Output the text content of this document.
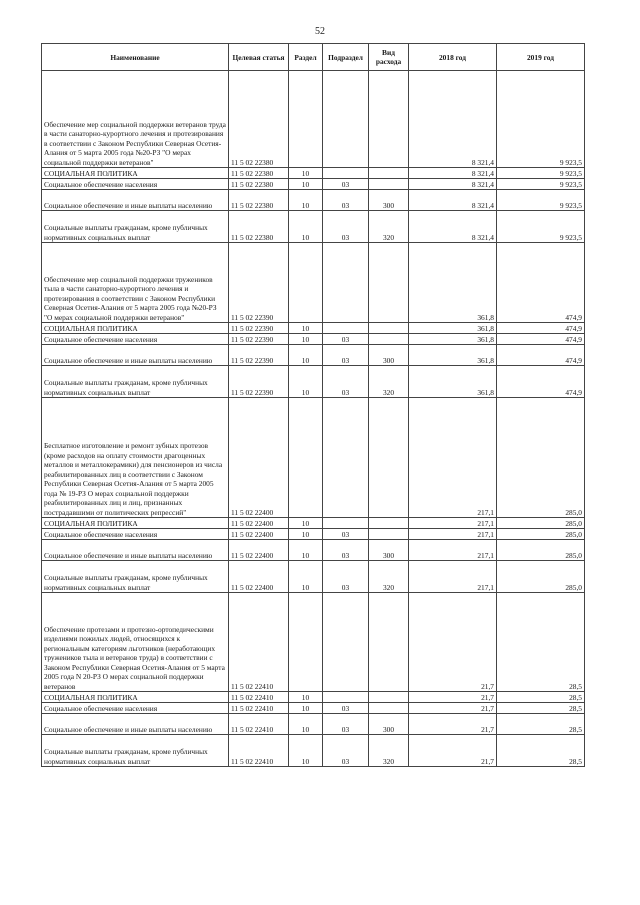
52
Наименование	Целевая статья	Раздел	Подраздел	Вид расхода	2018 год	2019 год
Обеспечение мер социальной поддержки ветеранов труда в части санаторно-курортного лечения и протезирования в соответствии с Законом Республики Северная Осетия-Алания от 5 марта 2005 года №20-РЗ "О мерах социальной поддержки ветеранов"	11 5 02 22380				8 321,4	9 923,5
СОЦИАЛЬНАЯ ПОЛИТИКА	11 5 02 22380	10			8 321,4	9 923,5
Социальное обеспечение населения	11 5 02 22380	10	03		8 321,4	9 923,5
Социальное обеспечение и иные выплаты населению	11 5 02 22380	10	03	300	8 321,4	9 923,5
Социальные выплаты гражданам, кроме публичных нормативных социальных выплат	11 5 02 22380	10	03	320	8 321,4	9 923,5
Обеспечение мер социальной поддержки тружеников тыла в части санаторно-курортного лечения и протезирования в соответствии с Законом Республики Северная Осетия-Алания от 5 марта 2005 года №20-РЗ "О мерах социальной поддержки ветеранов"	11 5 02 22390				361,8	474,9
СОЦИАЛЬНАЯ ПОЛИТИКА	11 5 02 22390	10			361,8	474,9
Социальное обеспечение населения	11 5 02 22390	10	03		361,8	474,9
Социальное обеспечение и иные выплаты населению	11 5 02 22390	10	03	300	361,8	474,9
Социальные выплаты гражданам, кроме публичных нормативных социальных выплат	11 5 02 22390	10	03	320	361,8	474,9
Бесплатное изготовление и ремонт зубных протезов (кроме расходов на оплату стоимости драгоценных металлов и металлокерамики) для пенсионеров из числа реабилитированных лиц в соответствии с Законом Республики Северная Осетия-Алания от 5 марта 2005 года № 19-РЗ О мерах социальной поддержки реабилитированных лиц и лиц, признанных пострадавшими от политических репрессий"	11 5 02 22400				217,1	285,0
СОЦИАЛЬНАЯ ПОЛИТИКА	11 5 02 22400	10			217,1	285,0
Социальное обеспечение населения	11 5 02 22400	10	03		217,1	285,0
Социальное обеспечение и иные выплаты населению	11 5 02 22400	10	03	300	217,1	285,0
Социальные выплаты гражданам, кроме публичных нормативных социальных выплат	11 5 02 22400	10	03	320	217,1	285,0
Обеспечение протезами и протезно-ортопедическими изделиями пожилых людей, относящихся к региональным категориям льготников (неработающих тружеников тыла и ветеранов труда) в соответствии с Законом Республики Северная Осетия-Алания от 5 марта 2005 года N 20-РЗ О мерах социальной поддержки ветеранов	11 5 02 22410				21,7	28,5
СОЦИАЛЬНАЯ ПОЛИТИКА	11 5 02 22410	10			21,7	28,5
Социальное обеспечение населения	11 5 02 22410	10	03		21,7	28,5
Социальное обеспечение и иные выплаты населению	11 5 02 22410	10	03	300	21,7	28,5
Социальные выплаты гражданам, кроме публичных нормативных социальных выплат	11 5 02 22410	10	03	320	21,7	28,5
